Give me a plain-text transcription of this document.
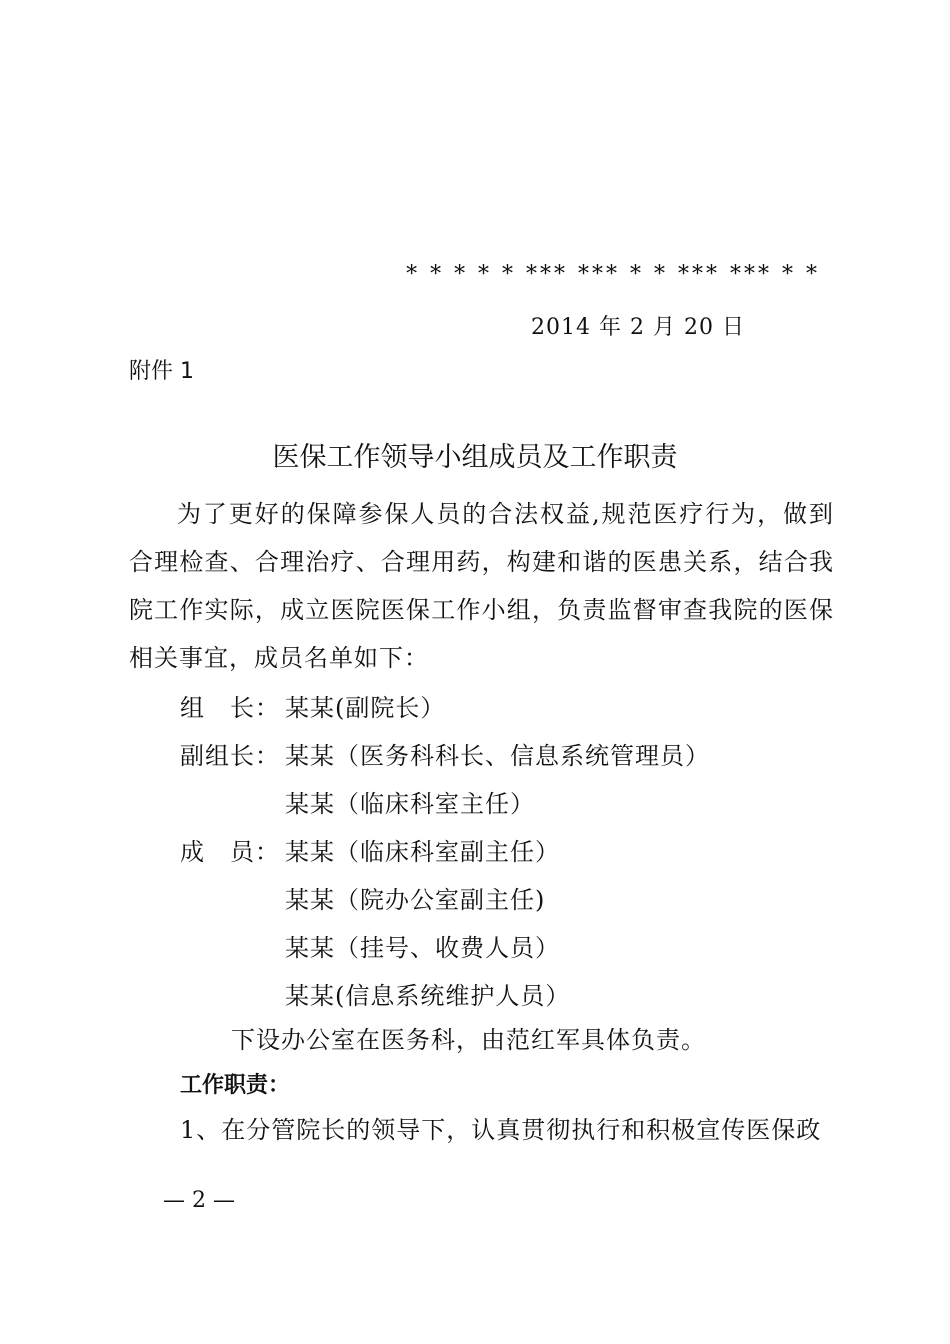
* * * * * *** *** * * *** *** * *
2014 年 2 月 20 日
附件 1
医保工作领导小组成员及工作职责
为了更好的保障参保人员的合法权益,规范医疗行为，做到合理检查、合理治疗、合理用药，构建和谐的医患关系，结合我院工作实际，成立医院医保工作小组，负责监督审查我院的医保相关事宜，成员名单如下：
组　长： 某某(副院长）
副组长： 某某（医务科科长、信息系统管理员）
某某（临床科室主任）
成　员： 某某（临床科室副主任）
某某（院办公室副主任)
某某（挂号、收费人员）
某某(信息系统维护人员）
下设办公室在医务科，由范红军具体负责。
工作职责：
1、在分管院长的领导下，认真贯彻执行和积极宣传医保政
— 2 —
